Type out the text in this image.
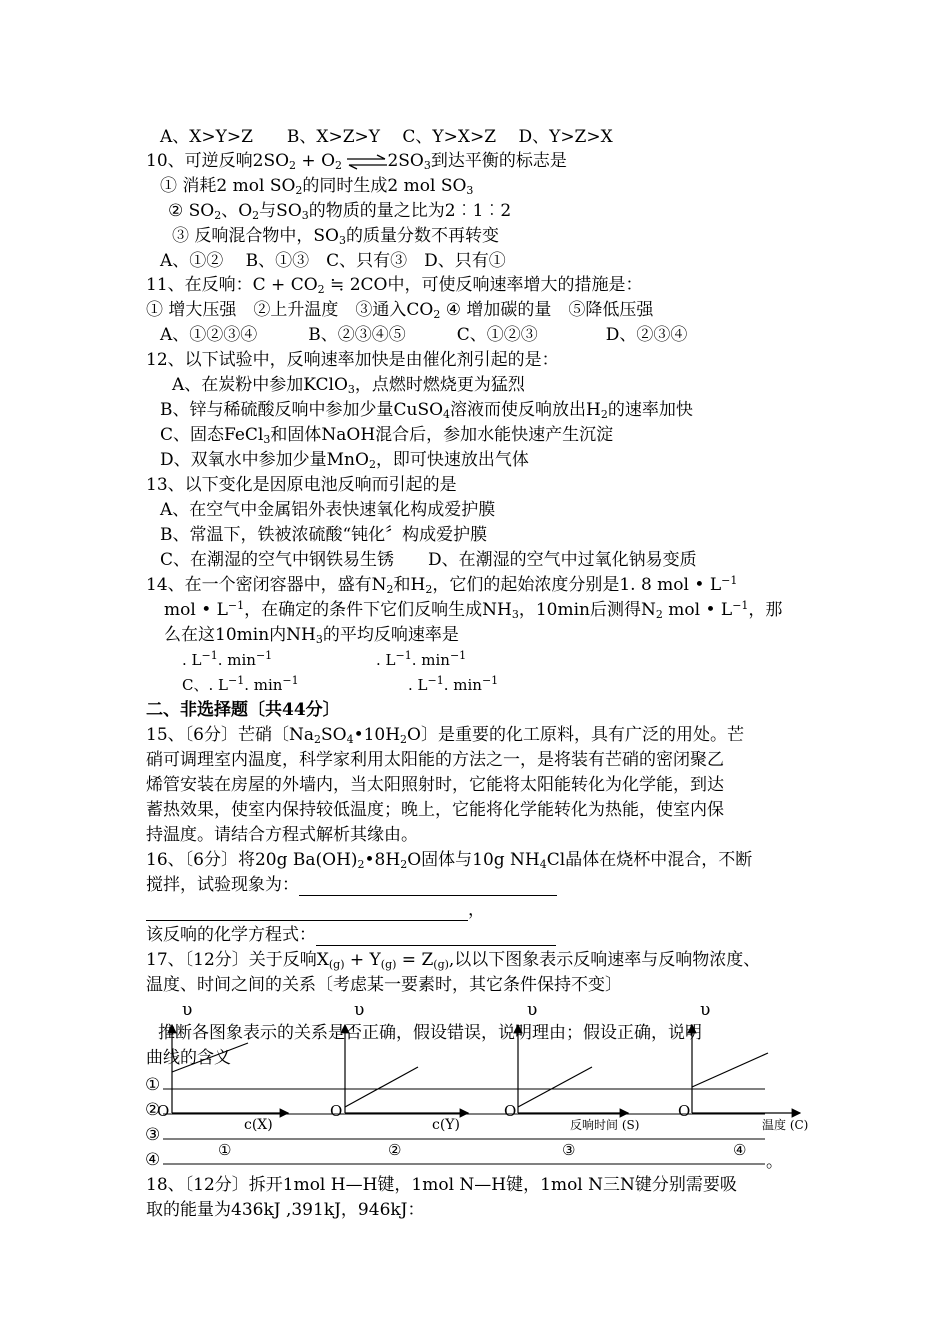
A、X>Y>Z　　B、X>Z>Y　 C、Y>X>Z　 D、Y>Z>X
10、可逆反响$2SO_2 + O_2$ $\rightleftharpoons 2SO_3$到达平衡的标志是
① 消耗2 mol $SO_2$的同时生成2 mol $SO_3$
② $SO_2$、$O_2$与$SO_3$的物质的量之比为2︰1︰2
③ 反响混合物中，$SO_3$的质量分数不再转变
A、①②　 B、①③　C、只有③　D、只有①
11、在反响：$C + CO_2$ ≒ 2CO中，可使反响速率增大的措施是：
① 增大压强　②上升温度　③通入$CO_2$ ④ 增加碳的量　⑤降低压强
A、①②③④　　　B、②③④⑤　　　C、①②③　　　　D、②③④
12、以下试验中，反响速率加快是由催化剂引起的是：
A、在炭粉中参加KClO$_3$，点燃时燃烧更为猛烈
B、锌与稀硫酸反响中参加少量CuSO$_4$溶液而使反响放出$H_2$的速率加快
C、固态FeCl$_3$和固体NaOH混合后，参加水能快速产生沉淀
D、双氧水中参加少量MnO$_2$，即可快速放出气体
13、以下变化是因原电池反响而引起的是
A、在空气中金属铝外表快速氧化构成爱护膜
B、常温下，铁被浓硫酸“钝化〞构成爱护膜
C、在潮湿的空气中钢铁易生锈　　D、在潮湿的空气中过氧化钠易变质
14、在一个密闭容器中，盛有$N_2$和$H_2$，它们的起始浓度分别是1. 8 mol • $L^{-1}$
mol • $L^{-1}$，在确定的条件下它们反响生成$NH_3$，10min后测得$N_2$ mol • $L^{-1}$，那
么在这10min内$NH_3$的平均反响速率是
. $L^{-1}$. $\min^{-1}$	. $L^{-1}$. $\min^{-1}$
C、. $L^{-1}$. $\min^{-1}$	. $L^{-1}$. $\min^{-1}$
二、非选择题〔共44分〕
15、〔6分〕芒硝〔$Na_2SO_4•10H_2O$〕是重要的化工原料，具有广泛的用处。芒
硝可调理室内温度，科学家利用太阳能的方法之一，是将装有芒硝的密闭聚乙
烯管安装在房屋的外墙内，当太阳照射时，它能将太阳能转化为化学能，到达
蓄热效果，使室内保持较低温度；晚上，它能将化学能转化为热能，使室内保
持温度。请结合方程式解析其缘由。
16、〔6分〕将20g $Ba(OH)_2•8H_2O$固体与10g $NH_4Cl$晶体在烧杯中混合，不断
搅拌，试验现象为：
，
该反响的化学方程式：
17、〔12分〕关于反响$X_{(g)} + Y_{(g)} = Z_{(g)}$,以以下图象表示反响速率与反响物浓度、
温度、时间之间的关系〔考虑某一要素时，其它条件保持不变〕
推断各图象表示的关系是否正确，假设错误，说明理由；假设正确，说明
曲线的含义
υ
O
c(X)
①
υ
O
c(Y)
②
υ
O
反响时间 (S)
③
υ
O
温度 (C)
④
①
②
③
④	。
18、〔12分〕拆开1mol H—H键，1mol N—H键，1mol N三N键分别需要吸
取的能量为436kJ ,391kJ，946kJ：
